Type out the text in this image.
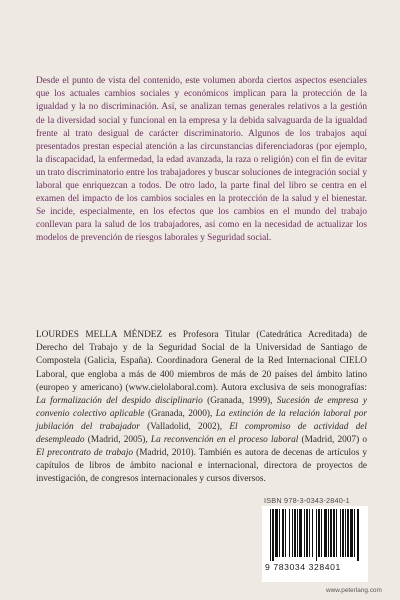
Desde el punto de vista del contenido, este volumen aborda ciertos aspectos esenciales que los actuales cambios sociales y económicos implican para la protección de la igualdad y la no discriminación. Así, se analizan temas generales relativos a la gestión de la diversidad social y funcional en la empresa y la debida salvaguarda de la igualdad frente al trato desigual de carácter discriminatorio. Algunos de los trabajos aquí presentados prestan especial atención a las circunstancias diferenciadoras (por ejemplo, la discapacidad, la enfermedad, la edad avanzada, la raza o religión) con el fin de evitar un trato discriminatorio entre los trabajadores y buscar soluciones de integración social y laboral que enriquezcan a todos. De otro lado, la parte final del libro se centra en el examen del impacto de los cambios sociales en la protección de la salud y el bienestar. Se incide, especialmente, en los efectos que los cambios en el mundo del trabajo conllevan para la salud de los trabajadores, así como en la necesidad de actualizar los modelos de prevención de riesgos laborales y Seguridad social.

LOURDES MELLA MÉNDEZ es Profesora Titular (Catedrática Acreditada) de Derecho del Trabajo y de la Seguridad Social de la Universidad de Santiago de Compostela (Galicia, España). Coordinadora General de la Red Internacional CIELO Laboral, que engloba a más de 400 miembros de más de 20 países del ámbito latino (europeo y americano) (www.cielolaboral.com). Autora exclusiva de seis monografías: La formalización del despido disciplinario (Granada, 1999), Sucesión de empresa y convenio colectivo aplicable (Granada, 2000), La extinción de la relación laboral por jubilación del trabajador (Valladolid, 2002), El compromiso de actividad del desempleado (Madrid, 2005), La reconvención en el proceso laboral (Madrid, 2007) o El precontrato de trabajo (Madrid, 2010). También es autora de decenas de artículos y capítulos de libros de ámbito nacional e internacional, directora de proyectos de investigación, de congresos internacionales y cursos diversos.

ISBN 978-3-0343-2840-1
9 783034 328401
www.peterlang.com
